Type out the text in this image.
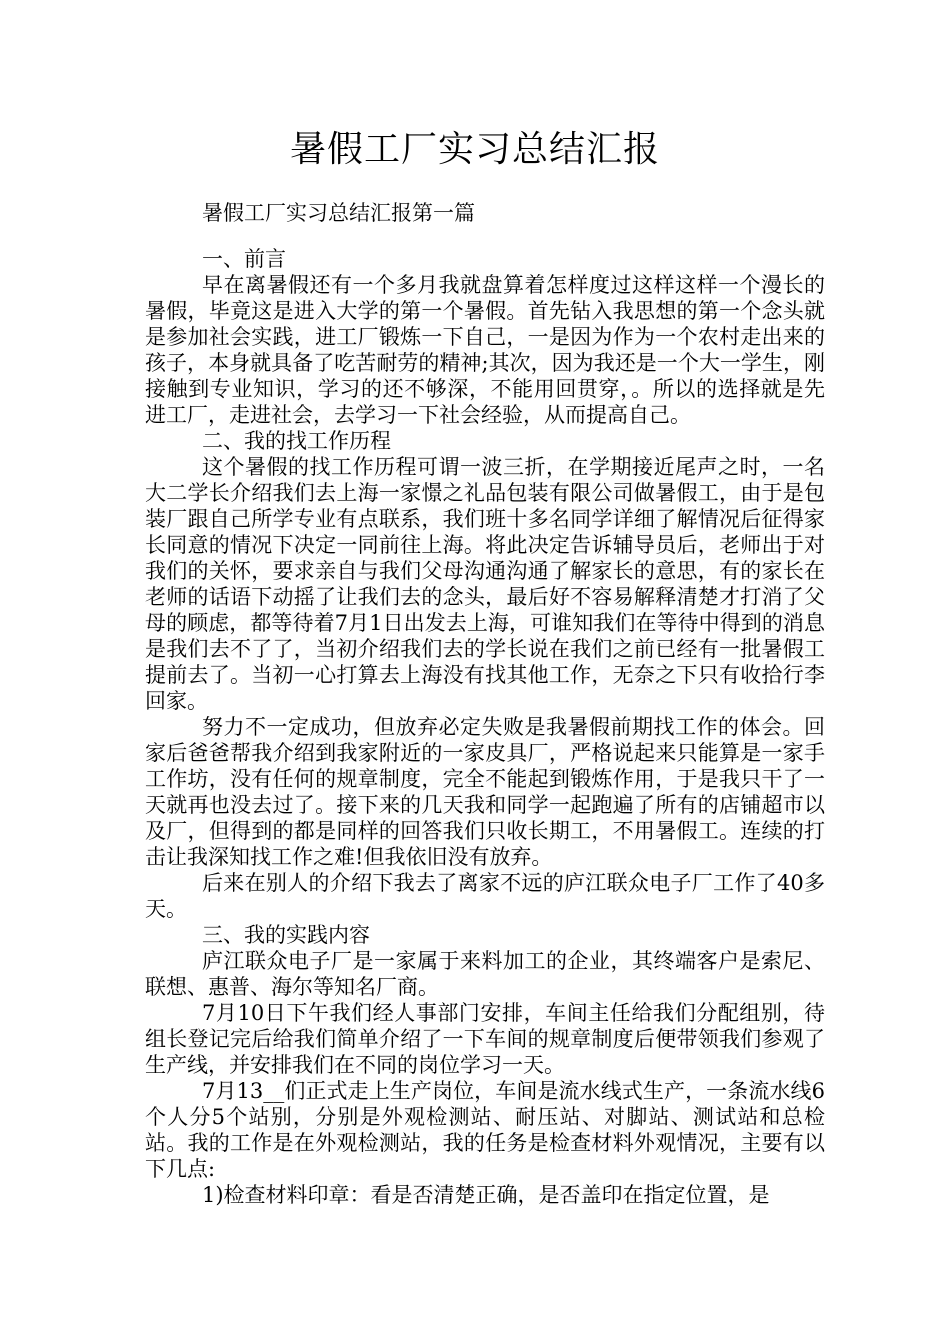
暑假工厂实习总结汇报
暑假工厂实习总结汇报第一篇

一、前言

早在离暑假还有一个多月我就盘算着怎样度过这样这样一个漫长的暑假，毕竟这是进入大学的第一个暑假。首先钻入我思想的第一个念头就是参加社会实践，进工厂锻炼一下自己，一是因为作为一个农村走出来的孩子，本身就具备了吃苦耐劳的精神;其次，因为我还是一个大一学生，刚接触到专业知识，学习的还不够深，不能用回贯穿，。所以的选择就是先进工厂，走进社会，去学习一下社会经验，从而提高自己。

二、我的找工作历程

这个暑假的找工作历程可谓一波三折，在学期接近尾声之时，一名大二学长介绍我们去上海一家憬之礼品包装有限公司做暑假工，由于是包装厂跟自己所学专业有点联系，我们班十多名同学详细了解情况后征得家长同意的情况下决定一同前往上海。将此决定告诉辅导员后，老师出于对我们的关怀，要求亲自与我们父母沟通沟通了解家长的意思，有的家长在老师的话语下动摇了让我们去的念头，最后好不容易解释清楚才打消了父母的顾虑，都等待着7月1日出发去上海，可谁知我们在等待中得到的消息是我们去不了了，当初介绍我们去的学长说在我们之前已经有一批暑假工提前去了。当初一心打算去上海没有找其他工作，无奈之下只有收拾行李回家。

努力不一定成功，但放弃必定失败是我暑假前期找工作的体会。回家后爸爸帮我介绍到我家附近的一家皮具厂，严格说起来只能算是一家手工作坊，没有任何的规章制度，完全不能起到锻炼作用，于是我只干了一天就再也没去过了。接下来的几天我和同学一起跑遍了所有的店铺超市以及厂，但得到的都是同样的回答我们只收长期工，不用暑假工。连续的打击让我深知找工作之难!但我依旧没有放弃。

后来在别人的介绍下我去了离家不远的庐江联众电子厂工作了40多天。

三、我的实践内容

庐江联众电子厂是一家属于来料加工的企业，其终端客户是索尼、联想、惠普、海尔等知名厂商。

7月10日下午我们经人事部门安排，车间主任给我们分配组别，待组长登记完后给我们简单介绍了一下车间的规章制度后便带领我们参观了生产线，并安排我们在不同的岗位学习一天。

7月13__们正式走上生产岗位，车间是流水线式生产，一条流水线6个人分5个站别，分别是外观检测站、耐压站、对脚站、测试站和总检站。我的工作是在外观检测站，我的任务是检查材料外观情况，主要有以下几点:

1)检查材料印章：看是否清楚正确，是否盖印在指定位置，是
